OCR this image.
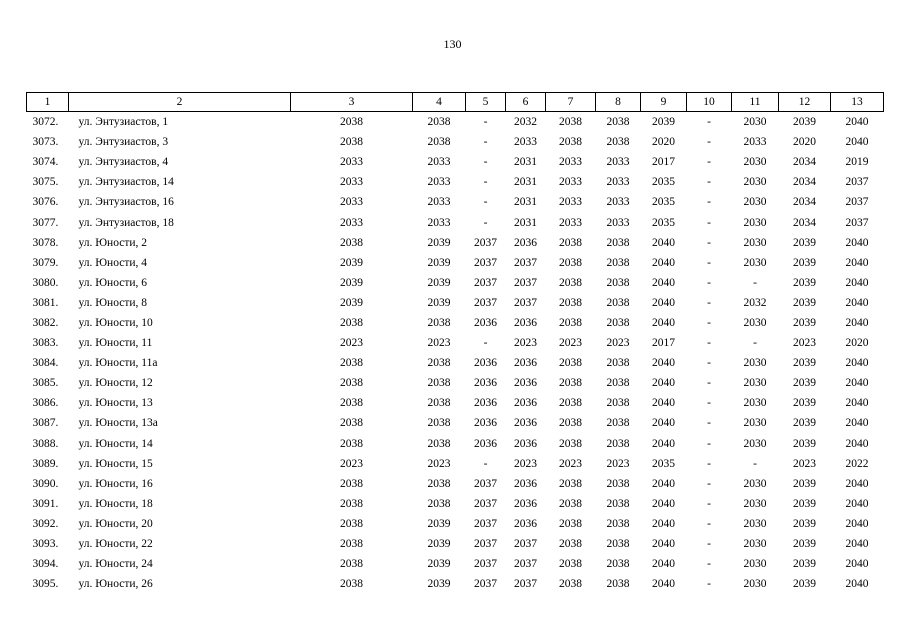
130
1	2	3	4	5	6	7	8	9	10	11	12	13
3072.	ул. Энтузиастов, 1	2038	2038	-	2032	2038	2038	2039	-	2030	2039	2040
3073.	ул. Энтузиастов, 3	2038	2038	-	2033	2038	2038	2020	-	2033	2020	2040
3074.	ул. Энтузиастов, 4	2033	2033	-	2031	2033	2033	2017	-	2030	2034	2019
3075.	ул. Энтузиастов, 14	2033	2033	-	2031	2033	2033	2035	-	2030	2034	2037
3076.	ул. Энтузиастов, 16	2033	2033	-	2031	2033	2033	2035	-	2030	2034	2037
3077.	ул. Энтузиастов, 18	2033	2033	-	2031	2033	2033	2035	-	2030	2034	2037
3078.	ул. Юности, 2	2038	2039	2037	2036	2038	2038	2040	-	2030	2039	2040
3079.	ул. Юности, 4	2039	2039	2037	2037	2038	2038	2040	-	2030	2039	2040
3080.	ул. Юности, 6	2039	2039	2037	2037	2038	2038	2040	-	-	2039	2040
3081.	ул. Юности, 8	2039	2039	2037	2037	2038	2038	2040	-	2032	2039	2040
3082.	ул. Юности, 10	2038	2038	2036	2036	2038	2038	2040	-	2030	2039	2040
3083.	ул. Юности, 11	2023	2023	-	2023	2023	2023	2017	-	-	2023	2020
3084.	ул. Юности, 11а	2038	2038	2036	2036	2038	2038	2040	-	2030	2039	2040
3085.	ул. Юности, 12	2038	2038	2036	2036	2038	2038	2040	-	2030	2039	2040
3086.	ул. Юности, 13	2038	2038	2036	2036	2038	2038	2040	-	2030	2039	2040
3087.	ул. Юности, 13а	2038	2038	2036	2036	2038	2038	2040	-	2030	2039	2040
3088.	ул. Юности, 14	2038	2038	2036	2036	2038	2038	2040	-	2030	2039	2040
3089.	ул. Юности, 15	2023	2023	-	2023	2023	2023	2035	-	-	2023	2022
3090.	ул. Юности, 16	2038	2038	2037	2036	2038	2038	2040	-	2030	2039	2040
3091.	ул. Юности, 18	2038	2038	2037	2036	2038	2038	2040	-	2030	2039	2040
3092.	ул. Юности, 20	2038	2039	2037	2036	2038	2038	2040	-	2030	2039	2040
3093.	ул. Юности, 22	2038	2039	2037	2037	2038	2038	2040	-	2030	2039	2040
3094.	ул. Юности, 24	2038	2039	2037	2037	2038	2038	2040	-	2030	2039	2040
3095.	ул. Юности, 26	2038	2039	2037	2037	2038	2038	2040	-	2030	2039	2040
